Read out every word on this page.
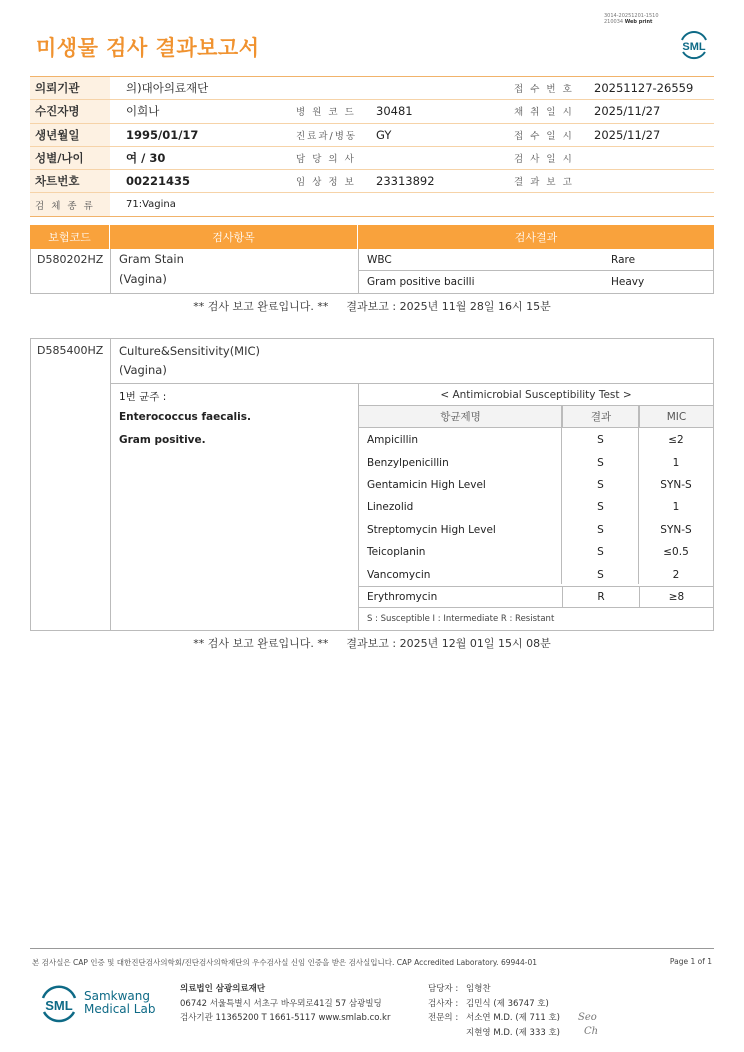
3014-20251201-1510
210034 Web print
미생물 검사 결과보고서	SML
의뢰기관	의)대아의료재단	접 수 번 호	20251127-26559
수진자명	이희나	병 원 코 드	30481	채 취 일 시	2025/11/27
생년월일	1995/01/17	진료과/병동	GY	접 수 일 시	2025/11/27
성별/나이	여 / 30	담 당 의 사	검 사 일 시
차트번호	00221435	임 상 정 보	23313892	결 과 보 고
검 체 종 류	71:Vagina
보험코드	검사항목	검사결과
D580202HZ Gram Stain
(Vagina)
WBC	Rare
Gram positive bacilli	Heavy
** 검사 보고 완료입니다. ** 결과보고 : 2025년 11월 28일 16시 15분
D585400HZ Culture&Sensitivity(MIC)
(Vagina)
1번 균주 :
Enterococcus faecalis.
Gram positive.
< Antimicrobial Susceptibility Test >
항균제명	결과	MIC
Ampicillin	S	≤2
Benzylpenicillin	S	1
Gentamicin High Level	S	SYN-S
Linezolid	S	1
Streptomycin High Level	S	SYN-S
Teicoplanin	S	≤0.5
Vancomycin	S	2
Erythromycin	R	≥8
S : Susceptible I : Intermediate R : Resistant
** 검사 보고 완료입니다. ** 결과보고 : 2025년 12월 01일 15시 08분
본 검사실은 CAP 인증 및 대한진단검사의학회/진단검사의학재단의 우수검사실 신임 인증을 받은 검사실입니다. CAP Accredited Laboratory. 69944-01	Page 1 of 1
SML
Samkwang
Medical Lab
의료법인 삼광의료재단
06742 서울특별시 서초구 바우뫼로41길 57 삼광빌딩
검사기관 11365200 T 1661-5117 www.smlab.co.kr
담당자 : 임형찬
검사자 : 김민식 (제 36747 호)
전문의 : 서소연 M.D. (제 711 호)
지현영 M.D. (제 333 호)
Seo
Ch
